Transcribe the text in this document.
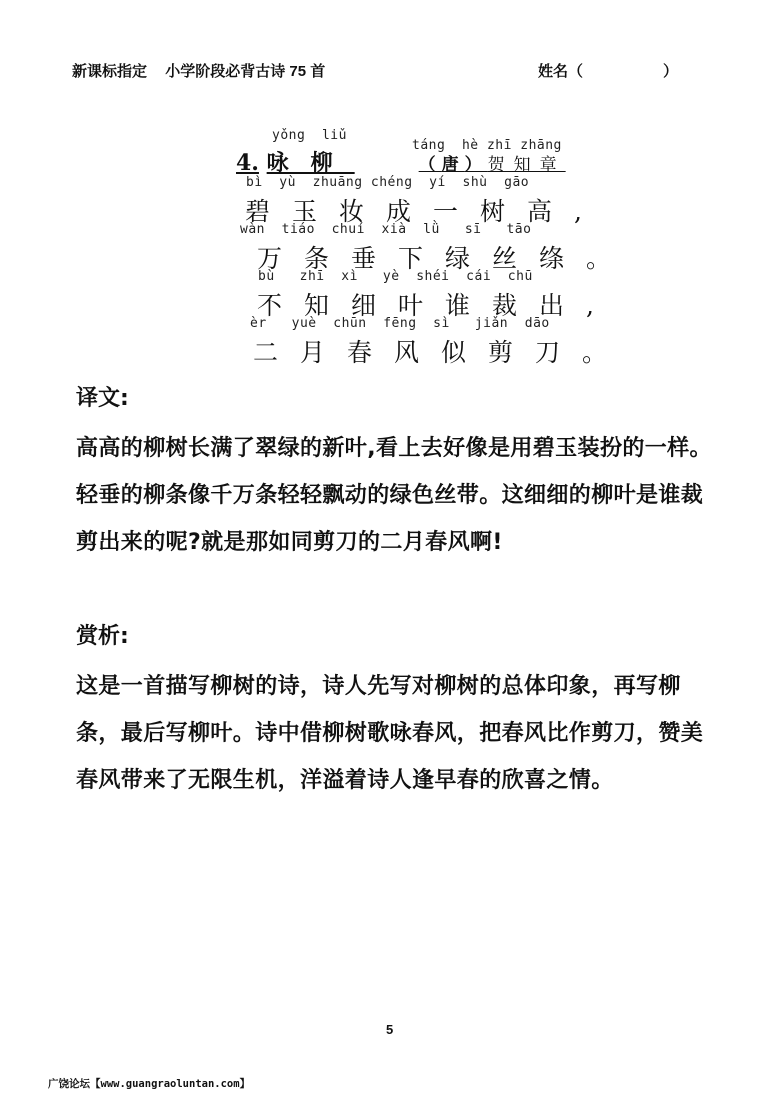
新课标指定 小学阶段必背古诗 75 首	姓名（	）
yǒng  liǔ
táng  hè zhī zhāng
4. 咏柳	（唐）贺知章
bì  yù  zhuāng chéng  yí  shù  gāo
碧玉妆成一树高,
wàn  tiáo  chuí  xià  lǜ   sī   tāo
万条垂下绿丝绦。
bù   zhī  xì   yè  shéi  cái  chū
不知细叶谁裁出,
èr   yuè  chūn  fēng  sì   jiǎn  dāo
二月春风似剪刀。
译文:
高高的柳树长满了翠绿的新叶,看上去好像是用碧玉装扮的一样。轻垂的柳条像千万条轻轻飘动的绿色丝带。这细细的柳叶是谁裁剪出来的呢?就是那如同剪刀的二月春风啊!
赏析:
这是一首描写柳树的诗，诗人先写对柳树的总体印象，再写柳条，最后写柳叶。诗中借柳树歌咏春风，把春风比作剪刀，赞美春风带来了无限生机，洋溢着诗人逢早春的欣喜之情。
5
广饶论坛【www.guangraoluntan.com】
